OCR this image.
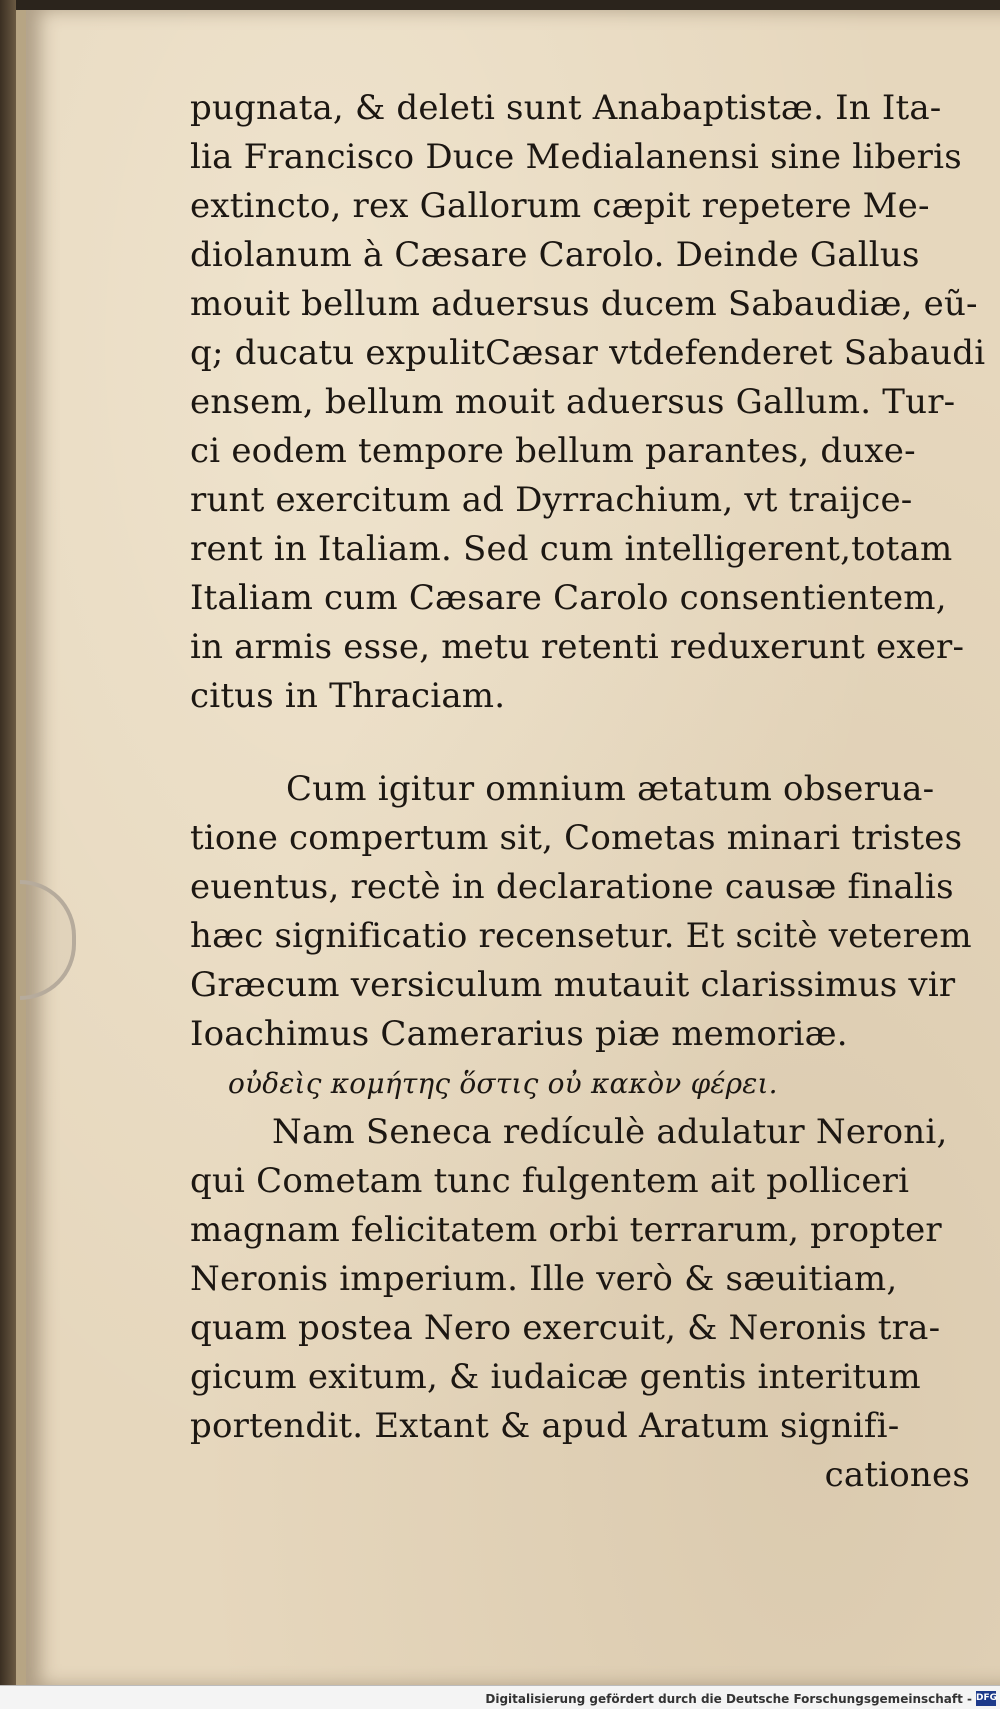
pugnata, & deleti sunt Anabaptistæ. In Ita-
lia Francisco Duce Medialanensi sine liberis
extincto, rex Gallorum cæpit repetere Me-
diolanum à Cæsare Carolo. Deinde Gallus
mouit bellum aduersus ducem Sabaudiæ, eũ-
q; ducatu expulitCæsar vtdefenderet Sabaudi
ensem, bellum mouit aduersus Gallum. Tur-
ci eodem tempore bellum parantes, duxe-
runt exercitum ad Dyrrachium, vt traijce-
rent in Italiam. Sed cum intelligerent,totam
Italiam cum Cæsare Carolo consentientem,
in armis esse, metu retenti reduxerunt exer-
citus in Thraciam.
Cum igitur omnium ætatum obserua-
tione compertum sit, Cometas minari tristes
euentus, rectè in declaratione causæ finalis
hæc significatio recensetur. Et scitè veterem
Græcum versiculum mutauit clarissimus vir
Ioachimus Camerarius piæ memoriæ.
οὐδεὶς κομήτης ὅστις οὐ κακὸν φέρει.
Nam Seneca redículè adulatur Neroni,
qui Cometam tunc fulgentem ait polliceri
magnam felicitatem orbi terrarum, propter
Neronis imperium. Ille verò & sæuitiam,
quam postea Nero exercuit, & Neronis tra-
gicum exitum, & iudaicæ gentis interitum
portendit. Extant & apud Aratum signifi-
cationes
Digitalisierung gefördert durch die Deutsche Forschungsgemeinschaft - DFG
